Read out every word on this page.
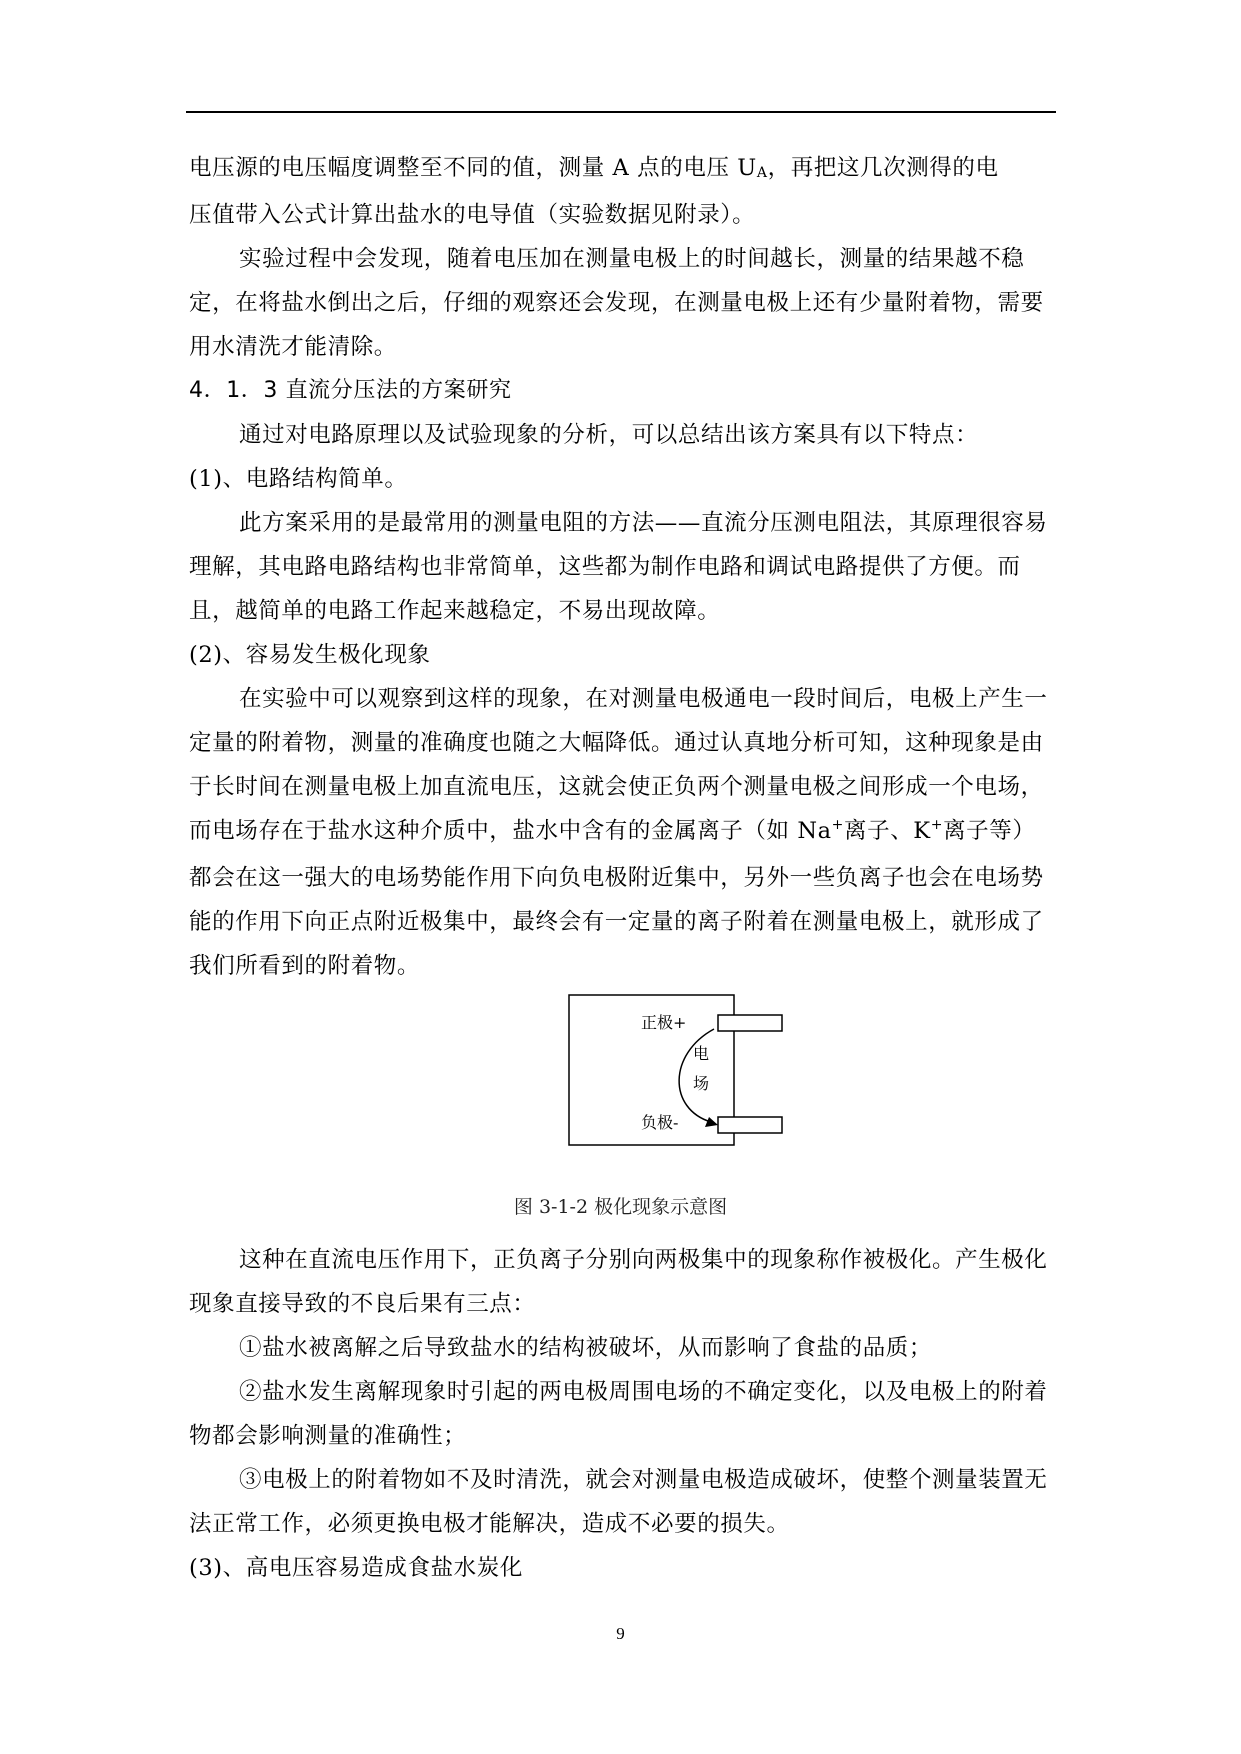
电压源的电压幅度调整至不同的值，测量 A 点的电压 UA，再把这几次测得的电
压值带入公式计算出盐水的电导值（实验数据见附录）。

实验过程中会发现，随着电压加在测量电极上的时间越长，测量的结果越不稳定，在将盐水倒出之后，仔细的观察还会发现，在测量电极上还有少量附着物，需要用水清洗才能清除。

4．1．3 直流分压法的方案研究

通过对电路原理以及试验现象的分析，可以总结出该方案具有以下特点：

(1)、电路结构简单。

此方案采用的是最常用的测量电阻的方法——直流分压测电阻法，其原理很容易理解，其电路电路结构也非常简单，这些都为制作电路和调试电路提供了方便。而且，越简单的电路工作起来越稳定，不易出现故障。

(2)、容易发生极化现象

在实验中可以观察到这样的现象，在对测量电极通电一段时间后，电极上产生一定量的附着物，测量的准确度也随之大幅降低。通过认真地分析可知，这种现象是由于长时间在测量电极上加直流电压，这就会使正负两个测量电极之间形成一个电场，而电场存在于盐水这种介质中，盐水中含有的金属离子（如 Na+离子、K+离子等）都会在这一强大的电场势能作用下向负电极附近集中，另外一些负离子也会在电场势能的作用下向正点附近极集中，最终会有一定量的离子附着在测量电极上，就形成了我们所看到的附着物。

正极+
负极-
电
场
图 3-1-2 极化现象示意图

这种在直流电压作用下，正负离子分别向两极集中的现象称作被极化。产生极化现象直接导致的不良后果有三点：

①盐水被离解之后导致盐水的结构被破坏，从而影响了食盐的品质；

②盐水发生离解现象时引起的两电极周围电场的不确定变化，以及电极上的附着物都会影响测量的准确性；

③电极上的附着物如不及时清洗，就会对测量电极造成破坏，使整个测量装置无法正常工作，必须更换电极才能解决，造成不必要的损失。

(3)、高电压容易造成食盐水炭化

9
